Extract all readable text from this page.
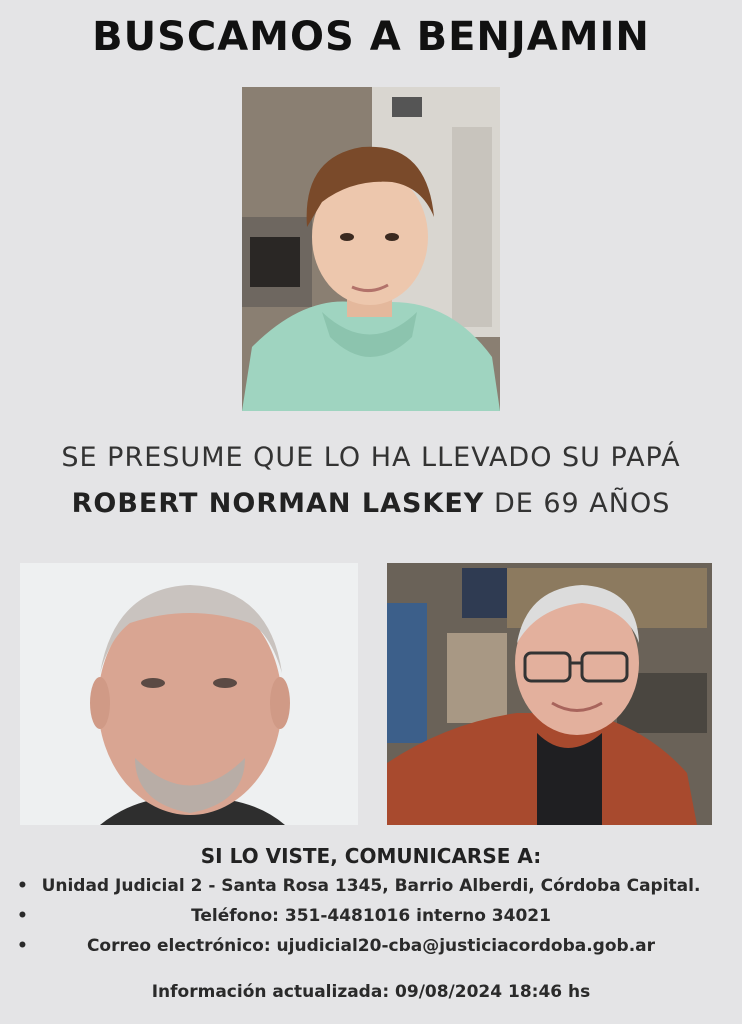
BUSCAMOS A BENJAMIN
SE PRESUME QUE LO HA LLEVADO SU PAPÁ
ROBERT NORMAN LASKEY DE 69 AÑOS
SI LO VISTE, COMUNICARSE A:
• Unidad Judicial 2 - Santa Rosa 1345, Barrio Alberdi, Córdoba Capital.
•	Teléfono: 351-4481016 interno 34021
•	Correo electrónico: ujudicial20-cba@justiciacordoba.gob.ar
Información actualizada: 09/08/2024 18:46 hs
